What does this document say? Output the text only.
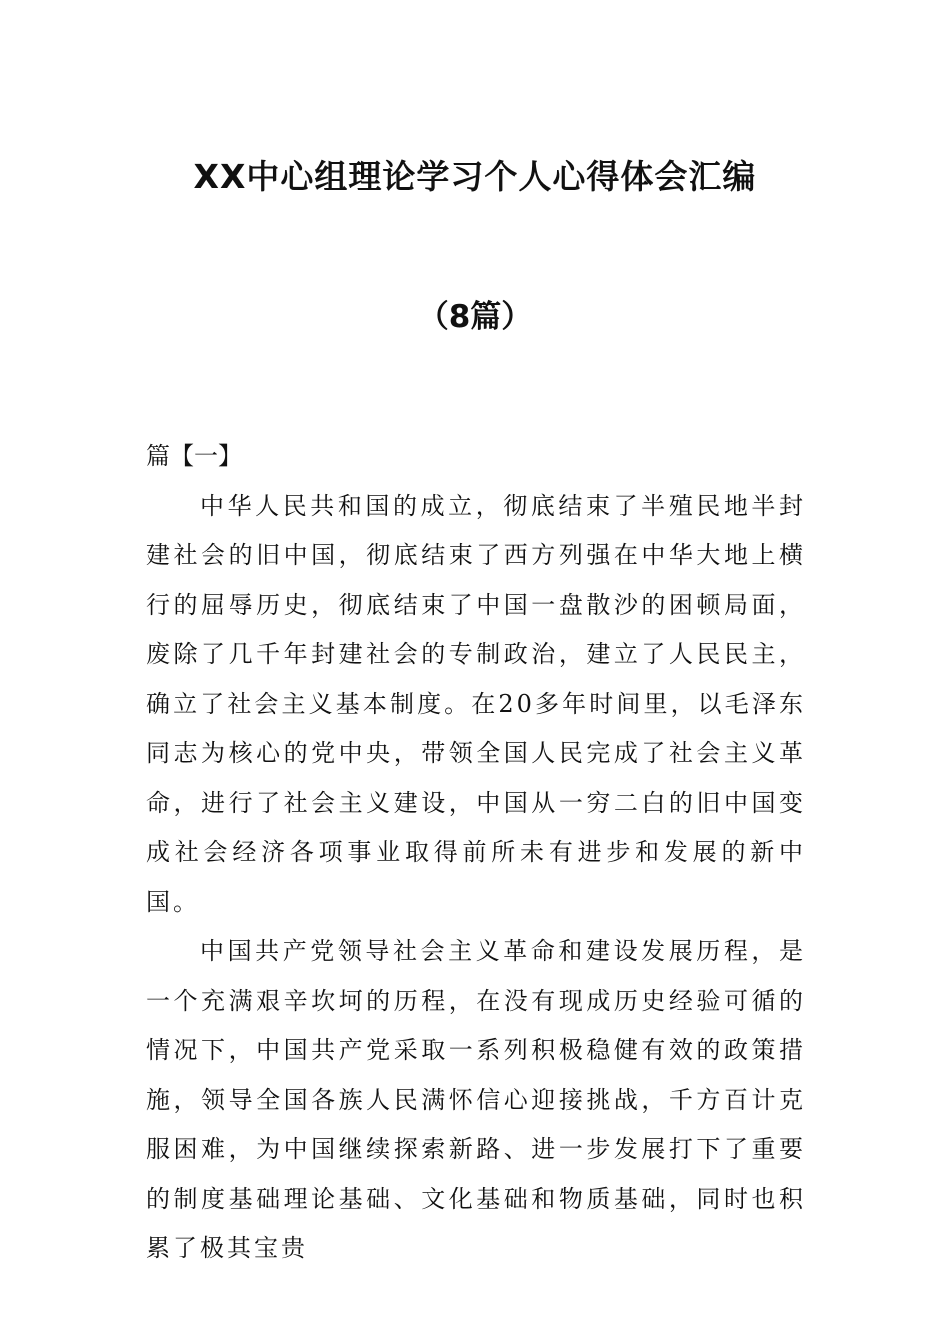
XX中心组理论学习个人心得体会汇编
（8篇）
篇【一】

中华人民共和国的成立，彻底结束了半殖民地半封建社会的旧中国，彻底结束了西方列强在中华大地上横行的屈辱历史，彻底结束了中国一盘散沙的困顿局面，废除了几千年封建社会的专制政治，建立了人民民主，确立了社会主义基本制度。在20多年时间里，以毛泽东同志为核心的党中央，带领全国人民完成了社会主义革命，进行了社会主义建设，中国从一穷二白的旧中国变成社会经济各项事业取得前所未有进步和发展的新中国。

中国共产党领导社会主义革命和建设发展历程，是一个充满艰辛坎坷的历程，在没有现成历史经验可循的情况下，中国共产党采取一系列积极稳健有效的政策措施，领导全国各族人民满怀信心迎接挑战，千方百计克服困难，为中国继续探索新路、进一步发展打下了重要的制度基础理论基础、文化基础和物质基础，同时也积累了极其宝贵
